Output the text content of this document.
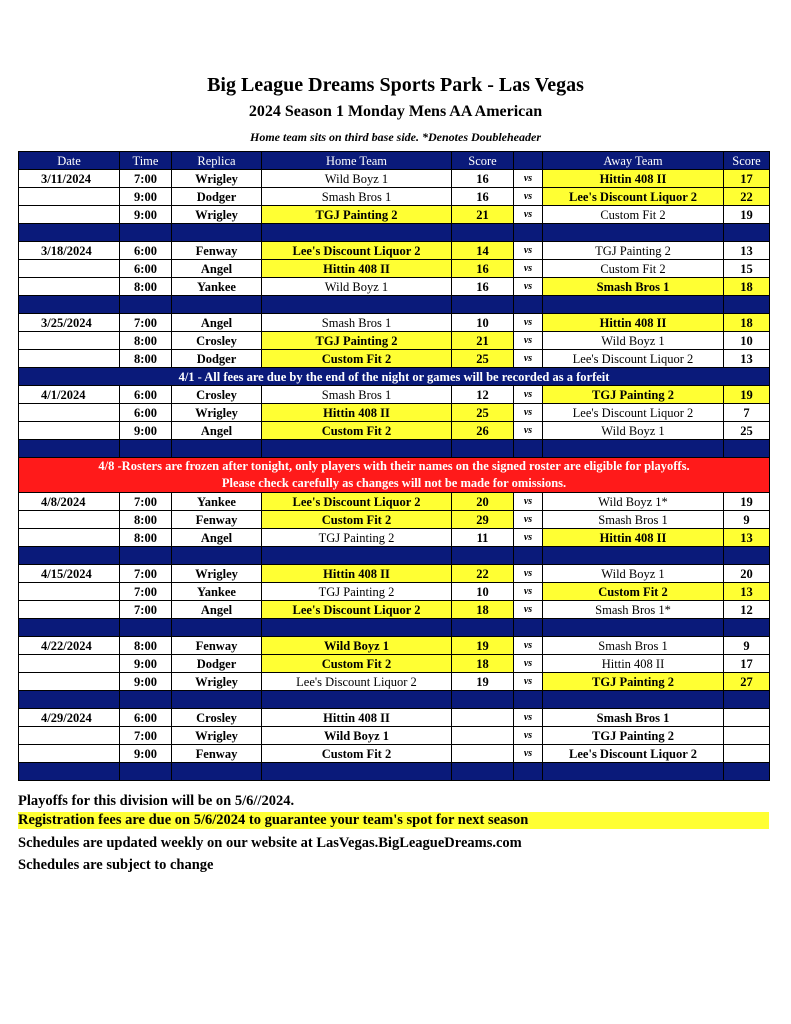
Big League Dreams Sports Park - Las Vegas
2024 Season 1 Monday Mens AA American
Home team sits on third base side. *Denotes Doubleheader
Date	Time	Replica	Home Team	Score		Away Team	Score
3/11/2024	7:00	Wrigley	Wild Boyz 1	16	vs	Hittin 408 II	17
	9:00	Dodger	Smash Bros 1	16	vs	Lee's Discount Liquor 2	22
	9:00	Wrigley	TGJ Painting 2	21	vs	Custom Fit 2	19

3/18/2024	6:00	Fenway	Lee's Discount Liquor 2	14	vs	TGJ Painting 2	13
	6:00	Angel	Hittin 408 II	16	vs	Custom Fit 2	15
	8:00	Yankee	Wild Boyz 1	16	vs	Smash Bros 1	18

3/25/2024	7:00	Angel	Smash Bros 1	10	vs	Hittin 408 II	18
	8:00	Crosley	TGJ Painting 2	21	vs	Wild Boyz 1	10
	8:00	Dodger	Custom Fit 2	25	vs	Lee's Discount Liquor 2	13
4/1 - All fees are due by the end of the night or games will be recorded as a forfeit							
4/1/2024	6:00	Crosley	Smash Bros 1	12	vs	TGJ Painting 2	19
	6:00	Wrigley	Hittin 408 II	25	vs	Lee's Discount Liquor 2	7
	9:00	Angel	Custom Fit 2	26	vs	Wild Boyz 1	25

4/8 -Rosters are frozen after tonight, only players with their names on the signed roster are eligible for playoffs.
Please check carefully as changes will not be made for omissions.							

4/8/2024	7:00	Yankee	Lee's Discount Liquor 2	20	vs	Wild Boyz 1*	19
	8:00	Fenway	Custom Fit 2	29	vs	Smash Bros 1	9
	8:00	Angel	TGJ Painting 2	11	vs	Hittin 408 II	13

4/15/2024	7:00	Wrigley	Hittin 408 II	22	vs	Wild Boyz 1	20
	7:00	Yankee	TGJ Painting 2	10	vs	Custom Fit 2	13
	7:00	Angel	Lee's Discount Liquor 2	18	vs	Smash Bros 1*	12

4/22/2024	8:00	Fenway	Wild Boyz 1	19	vs	Smash Bros 1	9
	9:00	Dodger	Custom Fit 2	18	vs	Hittin 408 II	17
	9:00	Wrigley	Lee's Discount Liquor 2	19	vs	TGJ Painting 2	27

4/29/2024	6:00	Crosley	Hittin 408 II		vs	Smash Bros 1	
	7:00	Wrigley	Wild Boyz 1		vs	TGJ Painting 2	
	9:00	Fenway	Custom Fit 2		vs	Lee's Discount Liquor 2	

Playoffs for this division will be on 5/6//2024.
Registration fees are due on 5/6/2024 to guarantee your team's spot for next season
Schedules are updated weekly on our website at LasVegas.BigLeagueDreams.com
Schedules are subject to change
